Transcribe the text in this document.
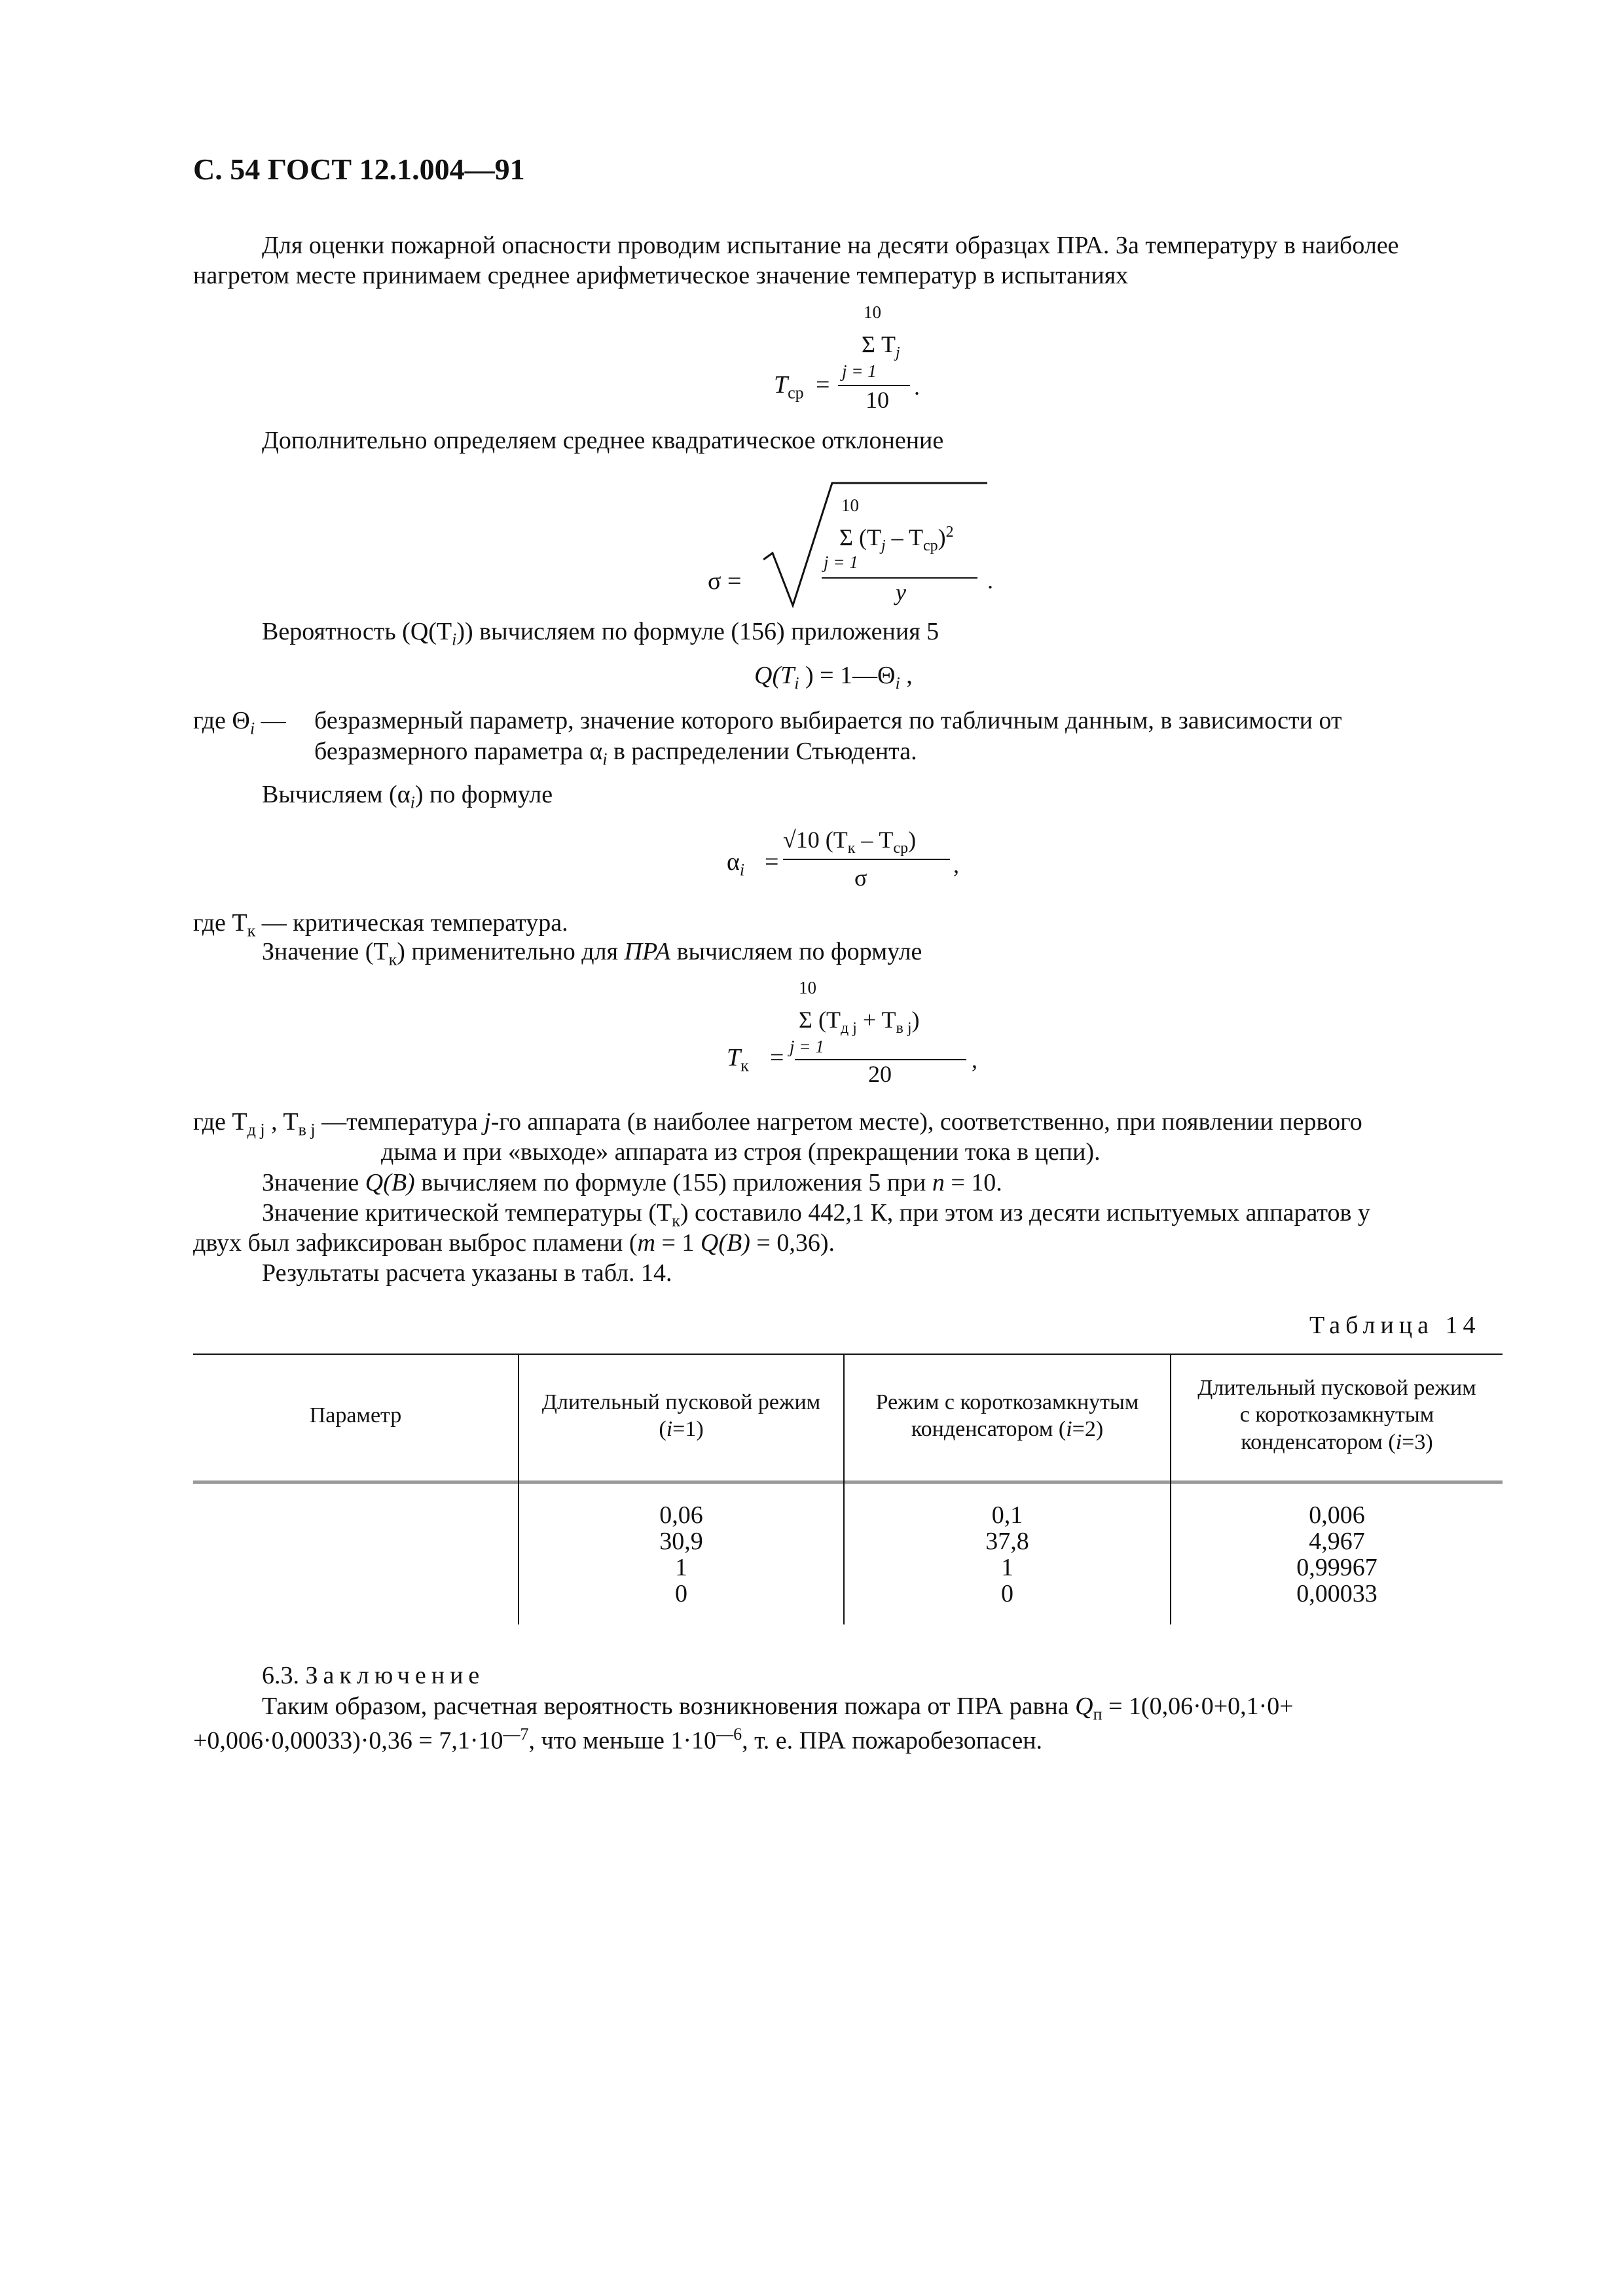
С. 54 ГОСТ 12.1.004—91
Для оценки пожарной опасности проводим испытание на десяти образцах ПРА. За температуру в наиболее
нагретом месте принимаем среднее арифметическое значение температур в испытаниях
10
Σ $T_j$
j = 1
$T_{ср}$ =
10 .
Дополнительно определяем среднее квадратическое отклонение
σ =
10
Σ $(T_j - T_{ср})^2$
j = 1
y	.
Вероятность $(Q(T_i))$ вычисляем по формуле (156) приложения 5
$Q(T_i$ ) = $1—\Theta_i$ ,
где $\Theta_i$ — безразмерный параметр, значение которого выбирается по табличным данным, в зависимости от
безразмерного параметра $\alpha_i$ в распределении Стьюдента.
Вычисляем $(\alpha_i)$ по формуле
$\alpha_i$ =
√10 $(T_к - T_{ср})$
σ	,
где $T_к$ — критическая температура.
Значение $(T_к)$ применительно для ПРА вычисляем по формуле
10
Σ $(T_{д j} + T_{в j})$
j = 1
$T_к$ =
20
,
где $T_{д j}$ , $T_{в j}$ —температура j-го аппарата (в наиболее нагретом месте), соответственно, при появлении первого
дыма и при «выходе» аппарата из строя (прекращении тока в цепи).
Значение Q(B) вычисляем по формуле (155) приложения 5 при n = 10.
Значение критической температуры $(T_к)$ составило 442,1 К, при этом из десяти испытуемых аппаратов у
двух был зафиксирован выброс пламени (m = 1 Q(B) = 0,36).
Результаты расчета указаны в табл. 14.
Таблица 14
Параметр
Длительный пусковой режим
(i=1)
Режим с короткозамкнутым
конденсатором (i=2)
Длительный пусковой режим
с короткозамкнутым
конденсатором (i=3)
0,06
30,9
1
0
0,1
37,8
1
0
0,006
4,967
0,99967
0,00033
6.3. Заключение
Таким образом, расчетная вероятность возникновения пожара от ПРА равна $Q_п = 1(0,06\cdot 0+0,1\cdot 0+$
$+0,006\cdot 0,00033)\cdot 0,36 = 7,1\cdot 10^{—7}$, что меньше $1\cdot 10^{—6}$, т. е. ПРА пожаробезопасен.
